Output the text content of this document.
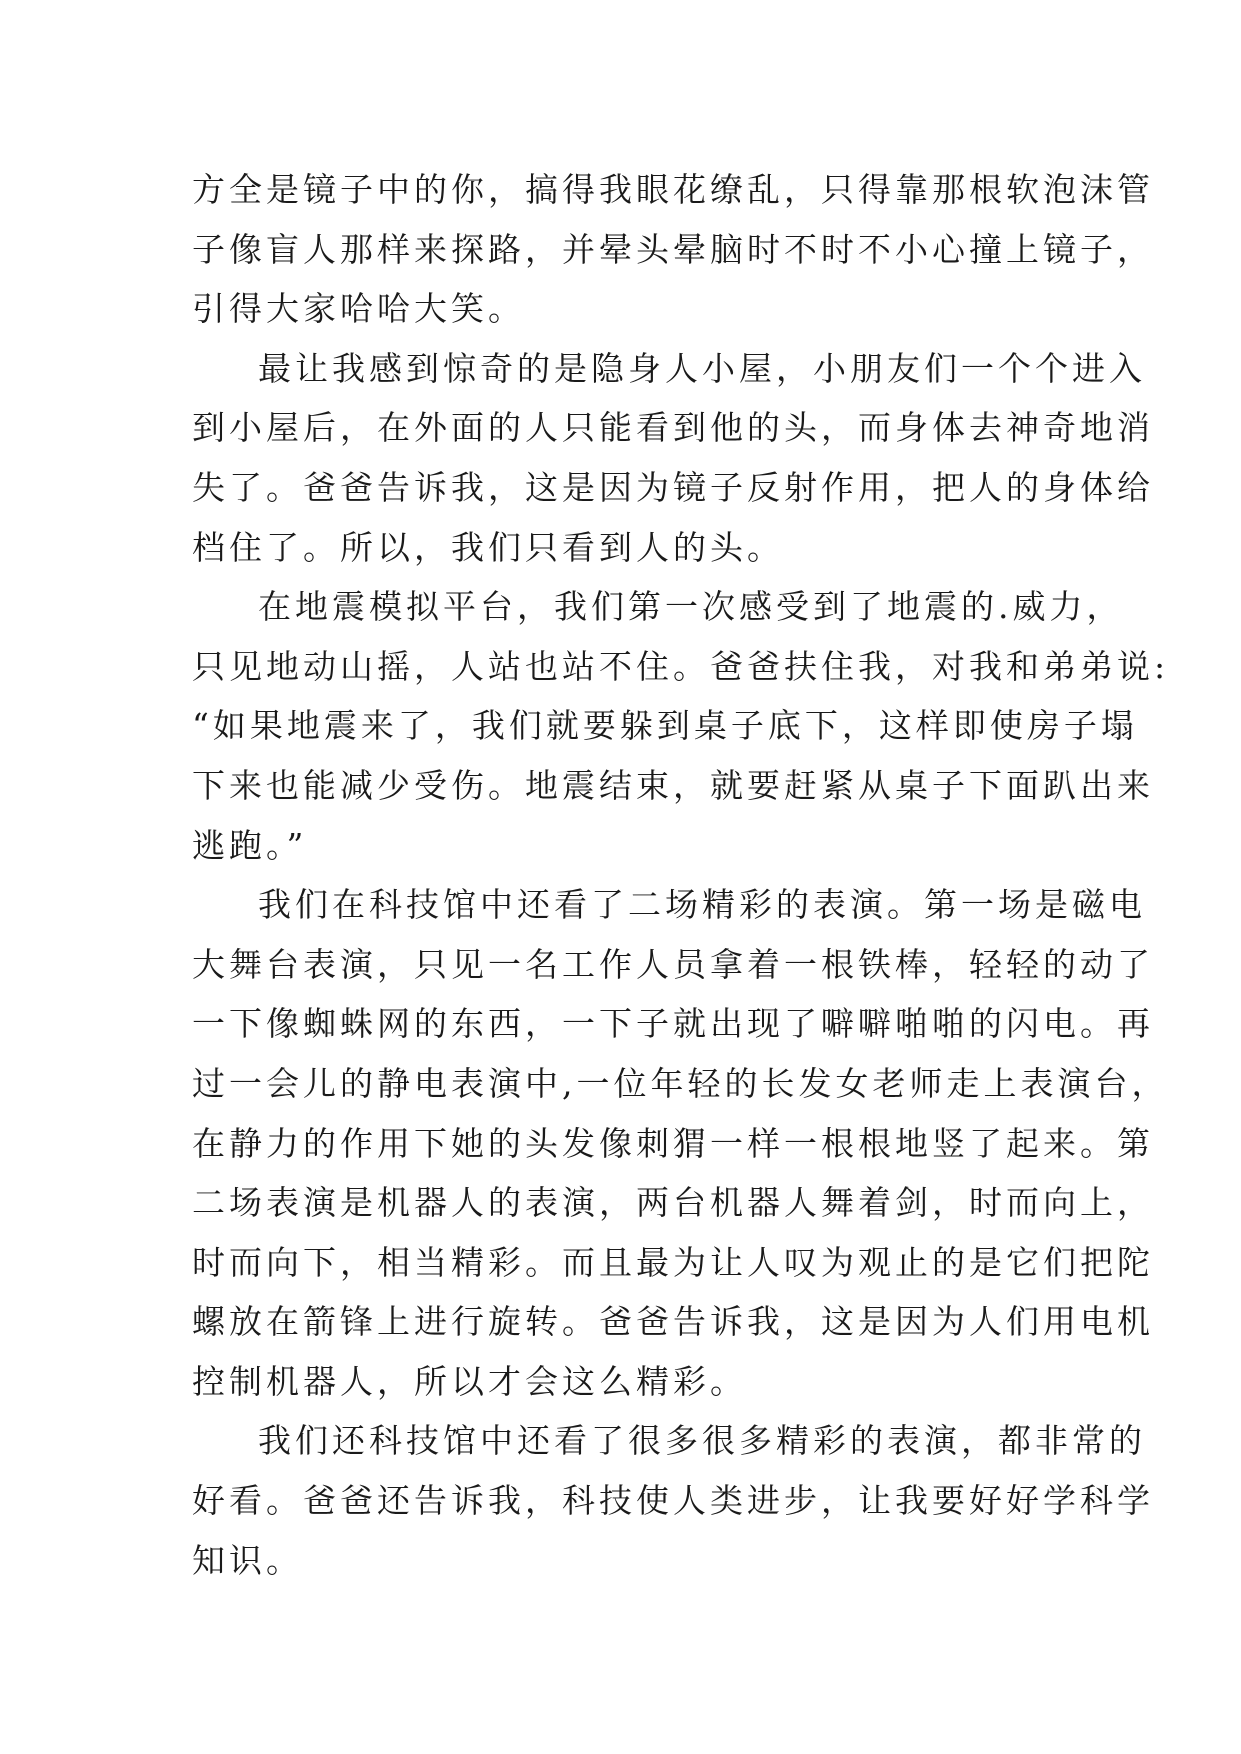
方全是镜子中的你，搞得我眼花缭乱，只得靠那根软泡沫管
子像盲人那样来探路，并晕头晕脑时不时不小心撞上镜子，
引得大家哈哈大笑。
最让我感到惊奇的是隐身人小屋，小朋友们一个个进入
到小屋后，在外面的人只能看到他的头，而身体去神奇地消
失了。爸爸告诉我，这是因为镜子反射作用，把人的身体给
档住了。所以，我们只看到人的头。
在地震模拟平台，我们第一次感受到了地震的.威力，
只见地动山摇，人站也站不住。爸爸扶住我，对我和弟弟说:
“如果地震来了，我们就要躲到桌子底下，这样即使房子塌
下来也能减少受伤。地震结束，就要赶紧从桌子下面趴出来
逃跑。”
我们在科技馆中还看了二场精彩的表演。第一场是磁电
大舞台表演，只见一名工作人员拿着一根铁棒，轻轻的动了
一下像蜘蛛网的东西，一下子就出现了噼噼啪啪的闪电。再
过一会儿的静电表演中,一位年轻的长发女老师走上表演台，
在静力的作用下她的头发像刺猬一样一根根地竖了起来。第
二场表演是机器人的表演，两台机器人舞着剑，时而向上，
时而向下，相当精彩。而且最为让人叹为观止的是它们把陀
螺放在箭锋上进行旋转。爸爸告诉我，这是因为人们用电机
控制机器人，所以才会这么精彩。
我们还科技馆中还看了很多很多精彩的表演，都非常的
好看。爸爸还告诉我，科技使人类进步，让我要好好学科学
知识。
